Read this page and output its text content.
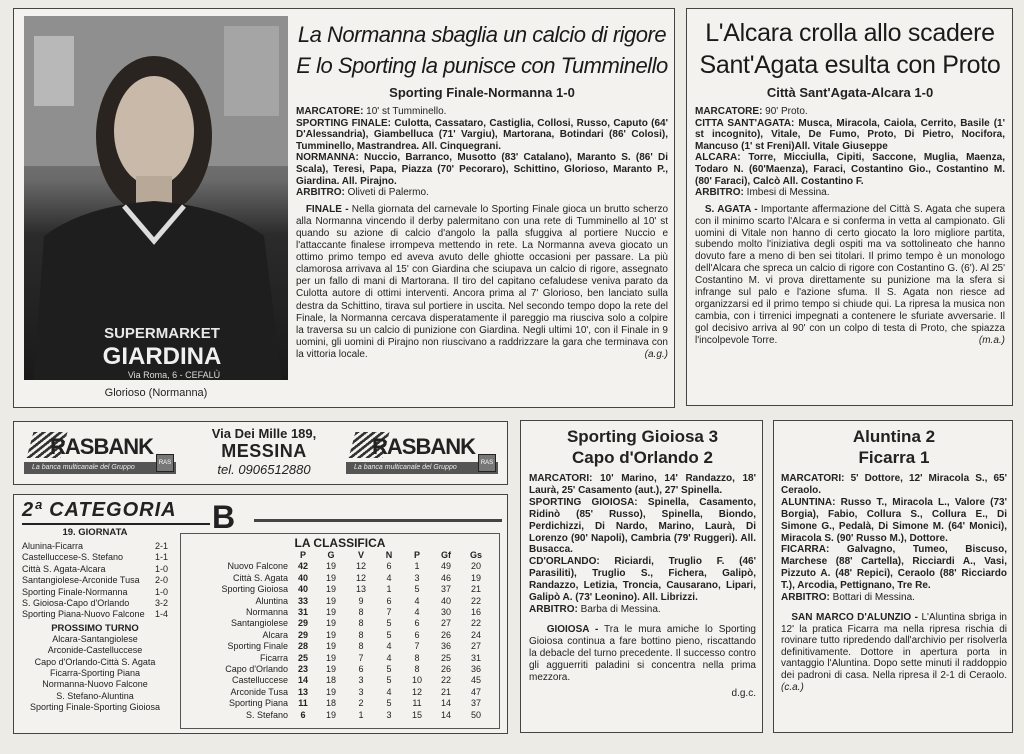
SUPERMARKET
GIARDINA
Via Roma, 6 - CEFALÙ
Glorioso (Normanna)
La Normanna sbaglia un calcio di rigore
E lo Sporting la punisce con Tumminello
Sporting Finale-Normanna 1-0

MARCATORE: 10' st Tumminello.

SPORTING FINALE: Culotta, Cassataro, Castiglia, Collosi, Russo, Caputo (64' D'Alessandria), Giambelluca (71' Vargiu), Martorana, Botindari (86' Colosi), Tumminello, Mastrandrea. All. Cinquegrani.

NORMANNA: Nuccio, Barranco, Musotto (83' Catalano), Maranto S. (86' Di Scala), Teresi, Papa, Piazza (70' Pecoraro), Schittino, Glorioso, Maranto P., Giardina. All. Pirajno.

ARBITRO: Oliveti di Palermo.

FINALE - Nella giornata del carnevale lo Sporting Finale gioca un brutto scherzo alla Normanna vincendo il derby palermitano con una rete di Tumminello al 10' st quando su azione di calcio d'angolo la palla sfuggiva al portiere Nuccio e l'attaccante finalese irrompeva mettendo in rete. La Normanna aveva giocato un ottimo primo tempo ed aveva avuto delle ghiotte occasioni per passare. La più clamorosa arrivava al 15' con Giardina che sciupava un calcio di rigore, assegnato per un fallo di mani di Martorana. Il tiro del capitano cefaludese veniva parato da Culotta autore di ottimi interventi. Ancora prima al 7' Glorioso, ben lanciato sulla destra da Schittino, tirava sul portiere in uscita. Nel secondo tempo dopo la rete del Finale, la Normanna cercava disperatamente il pareggio ma riusciva solo a colpire la traversa su un calcio di punizione con Giardina. Negli ultimi 10', con il Finale in 9 uomini, gli uomini di Pirajno non riuscivano a raddrizzare la gara che terminava con la vittoria locale.	(a.g.)

L'Alcara crolla allo scadere
Sant'Agata esulta con Proto
Città Sant'Agata-Alcara 1-0

MARCATORE: 90' Proto.

CITTA SANT'AGATA: Musca, Miracola, Caiola, Cerrito, Basile (1' st incognito), Vitale, De Fumo, Proto, Di Pietro, Nocifora, Mancuso (1' st Freni)All. Vitale Giuseppe

ALCARA: Torre, Micciulla, Cipiti, Saccone, Muglia, Maenza, Todaro N. (60'Maenza), Faraci, Costantino Gio., Costantino M. (80' Faraci), Calcò All. Costantino F.

ARBITRO: Imbesi di Messina.

S. AGATA - Importante affermazione del Città S. Agata che supera con il minimo scarto l'Alcara e si conferma in vetta al campionato. Gli uomini di Vitale non hanno di certo giocato la loro migliore partita, subendo molto l'iniziativa degli ospiti ma va sottolineato che hanno dovuto fare a meno di ben sei titolari. Il primo tempo è un monologo dell'Alcara che spreca un calcio di rigore con Costantino G. (6'). Al 25' Costantino M. vi prova direttamente su punizione ma la sfera si infrange sul palo e l'azione sfuma. Il S. Agata non riesce ad organizzarsi ed il primo tempo si chiude qui. La ripresa la musica non cambia, con i tirrenici impegnati a contenere le sfuriate avversarie. Il gol decisivo arriva al 90' con un colpo di testa di Proto, che spiazza l'incolpevole Torre.	(m.a.)

RASBANK
La banca multicanale del Gruppo
RAS
Via Dei Mille 189,
MESSINA
tel. 0906512880
RASBANK
La banca multicanale del Gruppo
RAS
2ª CATEGORIA B
19. GIORNATA
Alunina-Ficarra	2-1
Castelluccese-S. Stefano	1-1
Città S. Agata-Alcara	1-0
Santangiolese-Arconide Tusa 2-0
Sporting Finale-Normanna	1-0
S. Gioiosa-Capo d'Orlando	3-2
Sporting Piana-Nuovo Falcone 1-4
PROSSIMO TURNO
Alcara-Santangiolese
Arconide-Castelluccese
Capo d'Orlando-Città S. Agata
Ficarra-Sporting Piana
Normanna-Nuovo Falcone
S. Stefano-Aluntina
Sporting Finale-Sporting Gioiosa
LA CLASSIFICA
	P	G	V	N	P	Gf	Gs
Nuovo Falcone	42	19	12	6	1	49	20
Città S. Agata	40	19	12	4	3	46	19
Sporting Gioiosa	40	19	13	1	5	37	21
Aluntina	33	19	9	6	4	40	22
Normanna	31	19	8	7	4	30	16
Santangiolese	29	19	8	5	6	27	22
Alcara	29	19	8	5	6	26	24
Sporting Finale	28	19	8	4	7	36	27
Ficarra	25	19	7	4	8	25	31
Capo d'Orlando	23	19	6	5	8	26	36
Castelluccese	14	18	3	5	10	22	45
Arconide Tusa	13	19	3	4	12	21	47
Sporting Piana	11	18	2	5	11	14	37
S. Stefano	6	19	1	3	15	14	50
Sporting Gioiosa 3
Capo d'Orlando 2

MARCATORI: 10' Marino, 14' Randazzo, 18' Laurà, 25' Casamento (aut.), 27' Spinella.

SPORTING GIOIOSA: Spinella, Casamento, Ridinò (85' Russo), Spinella, Biondo, Perdichizzi, Di Nardo, Marino, Laurà, Di Lorenzo (90' Napoli), Cambria (79' Ruggeri). All. Busacca.

CD'ORLANDO: Riciardi, Truglio F. (46' Parasiliti), Truglio S., Fichera, Galipò, Randazzo, Letizia, Troncia, Causarano, Lipari, Galipò A. (73' Leonino). All. Librizzi.

ARBITRO: Barba di Messina.

GIOIOSA - Tra le mura amiche lo Sporting Gioiosa continua a fare bottino pieno, riscattando la debacle del turno precedente. Il successo contro gli agguerriti paladini si concentra nella prima mezzora.

d.g.c.

Aluntina 2
Ficarra 1

MARCATORI: 5' Dottore, 12' Miracola S., 65' Ceraolo.

ALUNTINA: Russo T., Miracola L., Valore (73' Borgia), Fabio, Collura S., Collura E., Di Simone G., Pedalà, Di Simone M. (64' Monici), Miracola S. (90' Russo M.), Dottore.

FICARRA: Galvagno, Tumeo, Biscuso, Marchese (88' Cartella), Ricciardi A., Vasi, Pizzuto A. (48' Repici), Ceraolo (88' Ricciardo T.), Arcodia, Pettignano, Tre Re.

ARBITRO: Bottari di Messina.

SAN MARCO D'ALUNZIO - L'Aluntina sbriga in 12' la pratica Ficarra ma nella ripresa rischia di rovinare tutto ripredendo dall'archivio per risolverla definitivamente. Dottore in apertura porta in vantaggio l'Aluntina. Dopo sette minuti il raddoppio dei padroni di casa. Nella ripresa il 2-1 di Ceraolo. (c.a.)
